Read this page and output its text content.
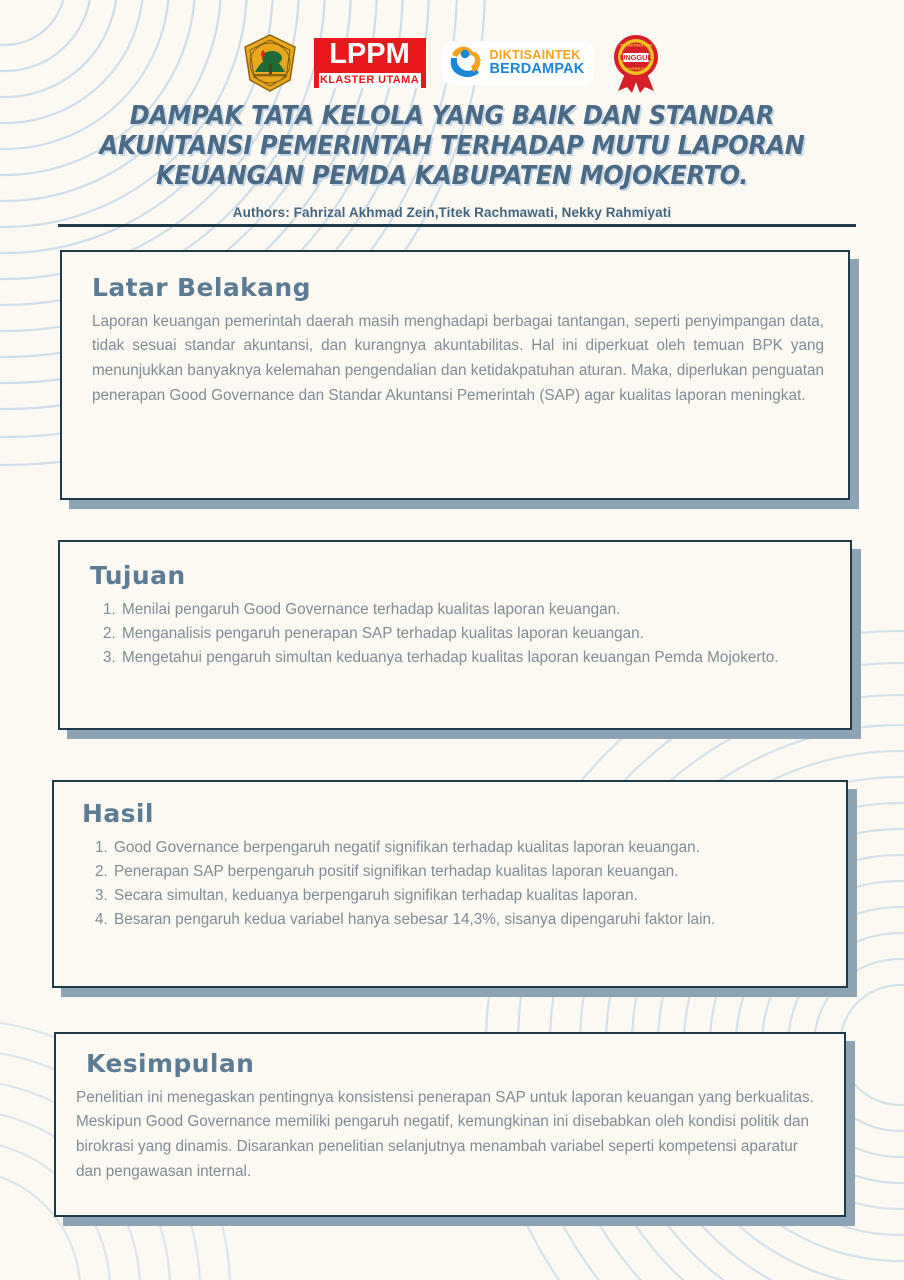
LPPM
KLASTER UTAMA
DIKTISAINTEK
BERDAMPAK
UNGGUL
TERAKREDITASI
UNIVERSITAS
DAMPAK TATA KELOLA YANG BAIK DAN STANDAR AKUNTANSI PEMERINTAH TERHADAP MUTU LAPORAN KEUANGAN PEMDA KABUPATEN MOJOKERTO.
Authors: Fahrizal Akhmad Zein,Titek Rachmawati, Nekky Rahmiyati
Latar Belakang

Laporan keuangan pemerintah daerah masih menghadapi berbagai tantangan, seperti penyimpangan data, tidak sesuai standar akuntansi, dan kurangnya akuntabilitas. Hal ini diperkuat oleh temuan BPK yang menunjukkan banyaknya kelemahan pengendalian dan ketidakpatuhan aturan. Maka, diperlukan penguatan penerapan Good Governance dan Standar Akuntansi Pemerintah (SAP) agar kualitas laporan meningkat.

Tujuan
1. Menilai pengaruh Good Governance terhadap kualitas laporan keuangan.
2. Menganalisis pengaruh penerapan SAP terhadap kualitas laporan keuangan.
3. Mengetahui pengaruh simultan keduanya terhadap kualitas laporan keuangan Pemda Mojokerto.
Hasil
1. Good Governance berpengaruh negatif signifikan terhadap kualitas laporan keuangan.
2. Penerapan SAP berpengaruh positif signifikan terhadap kualitas laporan keuangan.
3. Secara simultan, keduanya berpengaruh signifikan terhadap kualitas laporan.
4. Besaran pengaruh kedua variabel hanya sebesar 14,3%, sisanya dipengaruhi faktor lain.
Kesimpulan

Penelitian ini menegaskan pentingnya konsistensi penerapan SAP untuk laporan keuangan yang berkualitas. Meskipun Good Governance memiliki pengaruh negatif, kemungkinan ini disebabkan oleh kondisi politik dan birokrasi yang dinamis. Disarankan penelitian selanjutnya menambah variabel seperti kompetensi aparatur dan pengawasan internal.
